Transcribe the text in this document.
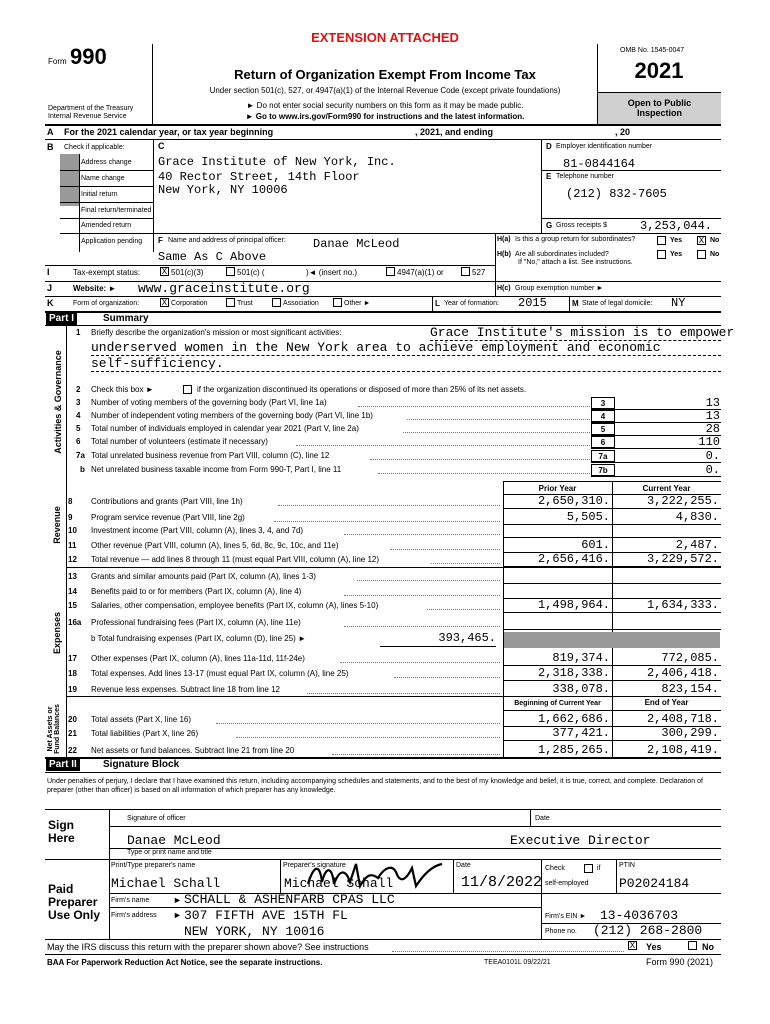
EXTENSION ATTACHED
Form 990
Return of Organization Exempt From Income Tax
Under section 501(c), 527, or 4947(a)(1) of the Internal Revenue Code (except private foundations)
► Do not enter social security numbers on this form as it may be made public.
► Go to www.irs.gov/Form990 for instructions and the latest information.
Department of the Treasury
Internal Revenue Service
OMB No. 1545-0047
2021
Open to Public
Inspection
A For the 2021 calendar year, or tax year beginning	, 2021, and ending	, 20
B Check if applicable:	C
Address change
Name change
Initial return
Final return/terminated
Amended return
Application pending
Grace Institute of New York, Inc.
40 Rector Street, 14th Floor
New York, NY 10006
D Employer identification number
81-0844164
E Telephone number
(212) 832-7605
G Gross receipts $	3,253,044.
F Name and address of principal officer: Danae McLeod
Same As C Above
H(a) Is this a group return for subordinates?	Yes X No
H(b) Are all subordinates included?
If "No," attach a list. See instructions.
Yes	No
I	Tax-exempt status: X 501(c)(3)	501(c) (	)◄ (insert no.)	4947(a)(1) or	527
J	Website: ► www.graceinstitute.org	H(c) Group exemption number ►
K	Form of organization:	X Corporation	Trust	Association	Other ►	L Year of formation: 2015	M State of legal domicile: NY
Part I	Summary
Activities & Governance
Revenue
Expenses
Net Assets or Fund Balances
1 Briefly describe the organization's mission or most significant activities:	Grace Institute's mission is to empower
underserved women in the New York area to achieve employment and economic
self-sufficiency.
2 Check this box ►	if the organization discontinued its operations or disposed of more than 25% of its net assets.
3 Number of voting members of the governing body (Part VI, line 1a)	3	13
4 Number of independent voting members of the governing body (Part VI, line 1b)	4	13
5 Total number of individuals employed in calendar year 2021 (Part V, line 2a)	5	28
6 Total number of volunteers (estimate if necessary)	6	110
7a Total unrelated business revenue from Part VIII, column (C), line 12	7a	0.
b Net unrelated business taxable income from Form 990-T, Part I, line 11	7b	0.
Prior Year	Current Year
8 Contributions and grants (Part VIII, line 1h)	2,650,310.	3,222,255.
9 Program service revenue (Part VIII, line 2g)	5,505.	4,830.
10 Investment income (Part VIII, column (A), lines 3, 4, and 7d)
11 Other revenue (Part VIII, column (A), lines 5, 6d, 8c, 9c, 10c, and 11e)	601.	2,487.
12 Total revenue — add lines 8 through 11 (must equal Part VIII, column (A), line 12)	2,656,416.	3,229,572.
13 Grants and similar amounts paid (Part IX, column (A), lines 1-3)
14 Benefits paid to or for members (Part IX, column (A), line 4)
15 Salaries, other compensation, employee benefits (Part IX, column (A), lines 5-10)	1,498,964.	1,634,333.
16a Professional fundraising fees (Part IX, column (A), line 11e)
b Total fundraising expenses (Part IX, column (D), line 25) ►	393,465.
17 Other expenses (Part IX, column (A), lines 11a-11d, 11f-24e)	819,374.	772,085.
18 Total expenses. Add lines 13-17 (must equal Part IX, column (A), line 25)	2,318,338.	2,406,418.
19 Revenue less expenses. Subtract line 18 from line 12	338,078.	823,154.
Beginning of Current Year	End of Year
20 Total assets (Part X, line 16)	1,662,686.	2,408,718.
21 Total liabilities (Part X, line 26)	377,421.	300,299.
22 Net assets or fund balances. Subtract line 21 from line 20	1,285,265.	2,108,419.
Part II	Signature Block
Under penalties of perjury, I declare that I have examined this return, including accompanying schedules and statements, and to the best of my knowledge and belief, it is true, correct, and complete. Declaration of preparer (other than officer) is based on all information of which preparer has any knowledge.
Sign
Here
Signature of officer	Date
Danae McLeod	Executive Director
Type or print name and title
Paid
Preparer
Use Only
Print/Type preparer's name	Preparer's signature	Date	Check	if
self-employed
PTIN
Michael Schall	Michael Schall	11/8/2022	P02024184
Firm's name	► SCHALL & ASHENFARB CPAS LLC
Firm's address ► 307 FIFTH AVE 15TH FL
NEW YORK, NY 10016
Firm's EIN ► 13-4036703
Phone no. (212) 268-2800
May the IRS discuss this return with the preparer shown above? See instructions	X Yes	No
BAA For Paperwork Reduction Act Notice, see the separate instructions.	TEEA0101L 09/22/21	Form 990 (2021)
